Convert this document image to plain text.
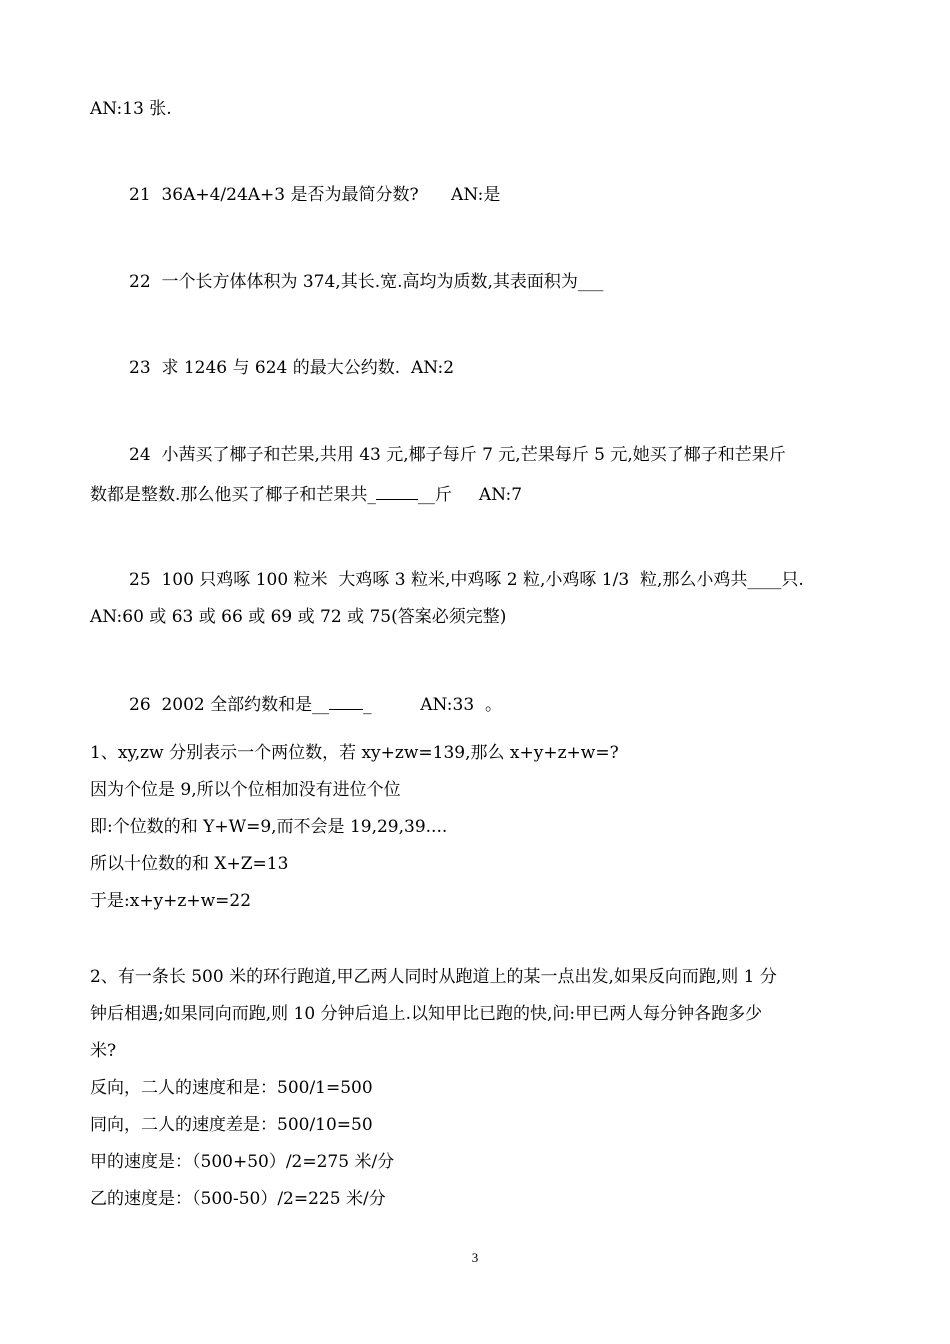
AN:13 张.
21  36A+4/24A+3 是否为最简分数?      AN:是
22  一个长方体体积为 374,其长.宽.高均为质数,其表面积为___
23  求 1246 与 624 的最大公约数.  AN:2
24  小茜买了椰子和芒果,共用 43 元,椰子每斤 7 元,芒果每斤 5 元,她买了椰子和芒果斤
数都是整数.那么他买了椰子和芒果共_ __斤     AN:7
25  100 只鸡啄 100 粒米  大鸡啄 3 粒米,中鸡啄 2 粒,小鸡啄 1/3  粒,那么小鸡共____只.
AN:60 或 63 或 66 或 69 或 72 或 75(答案必须完整)
26  2002 全部约数和是__ _         AN:33  。
1、xy,zw 分别表示一个两位数，若 xy+zw=139,那么 x+y+z+w=?
因为个位是 9,所以个位相加没有进位个位
即:个位数的和 Y+W=9,而不会是 19,29,39....
所以十位数的和 X+Z=13
于是:x+y+z+w=22
2、有一条长 500 米的环行跑道,甲乙两人同时从跑道上的某一点出发,如果反向而跑,则 1 分
钟后相遇;如果同向而跑,则 10 分钟后追上.以知甲比已跑的快,问:甲已两人每分钟各跑多少
米?
反向，二人的速度和是：500/1=500
同向，二人的速度差是：500/10=50
甲的速度是：（500+50）/2=275 米/分
乙的速度是：（500-50）/2=225 米/分
3
